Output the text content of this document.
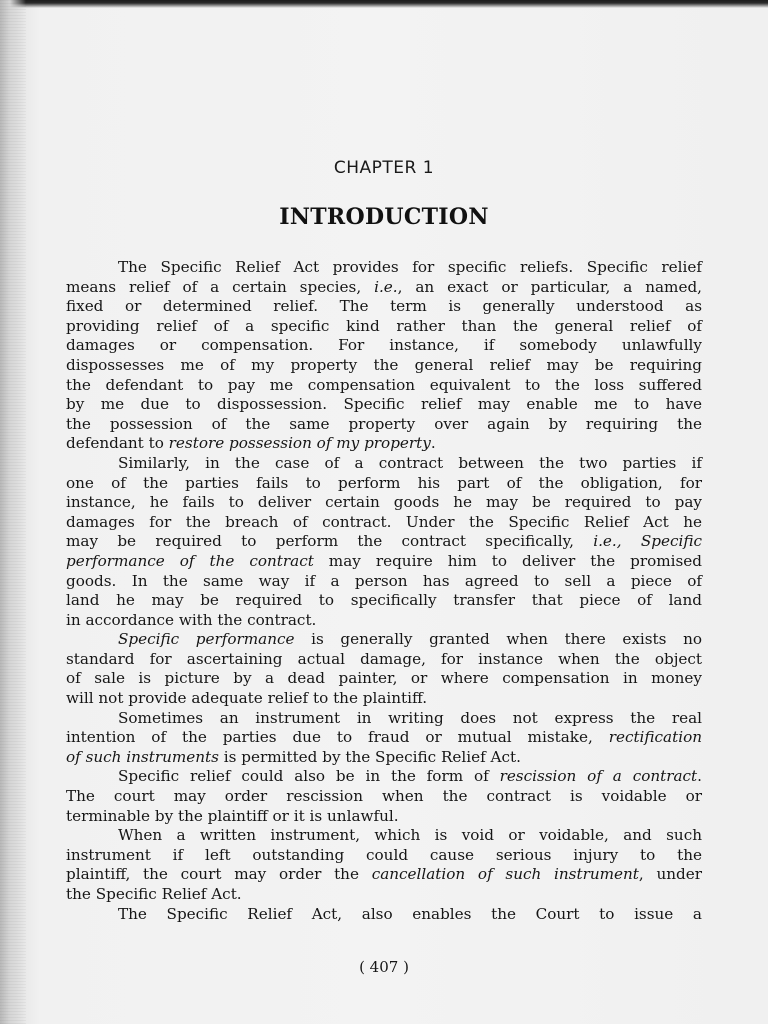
CHAPTER 1
INTRODUCTION
The Specific Relief Act provides for specific reliefs. Specific relief
means relief of a certain species, i.e., an exact or particular, a named,
fixed or determined relief. The term is generally understood as
providing relief of a specific kind rather than the general relief of
damages or compensation. For instance, if somebody unlawfully
dispossesses me of my property the general relief may be requiring
the defendant to pay me compensation equivalent to the loss suffered
by me due to dispossession. Specific relief may enable me to have
the possession of the same property over again by requiring the
defendant to restore possession of my property.
Similarly, in the case of a contract between the two parties if
one of the parties fails to perform his part of the obligation, for
instance, he fails to deliver certain goods he may be required to pay
damages for the breach of contract. Under the Specific Relief Act he
may be required to perform the contract specifically, i.e., Specific
performance of the contract may require him to deliver the promised
goods. In the same way if a person has agreed to sell a piece of
land he may be required to specifically transfer that piece of land
in accordance with the contract.
Specific performance is generally granted when there exists no
standard for ascertaining actual damage, for instance when the object
of sale is picture by a dead painter, or where compensation in money
will not provide adequate relief to the plaintiff.
Sometimes an instrument in writing does not express the real
intention of the parties due to fraud or mutual mistake, rectification
of such instruments is permitted by the Specific Relief Act.
Specific relief could also be in the form of rescission of a contract.
The court may order rescission when the contract is voidable or
terminable by the plaintiff or it is unlawful.
When a written instrument, which is void or voidable, and such
instrument if left outstanding could cause serious injury to the
plaintiff, the court may order the cancellation of such instrument, under
the Specific Relief Act.
The Specific Relief Act, also enables the Court to issue a
( 407 )
